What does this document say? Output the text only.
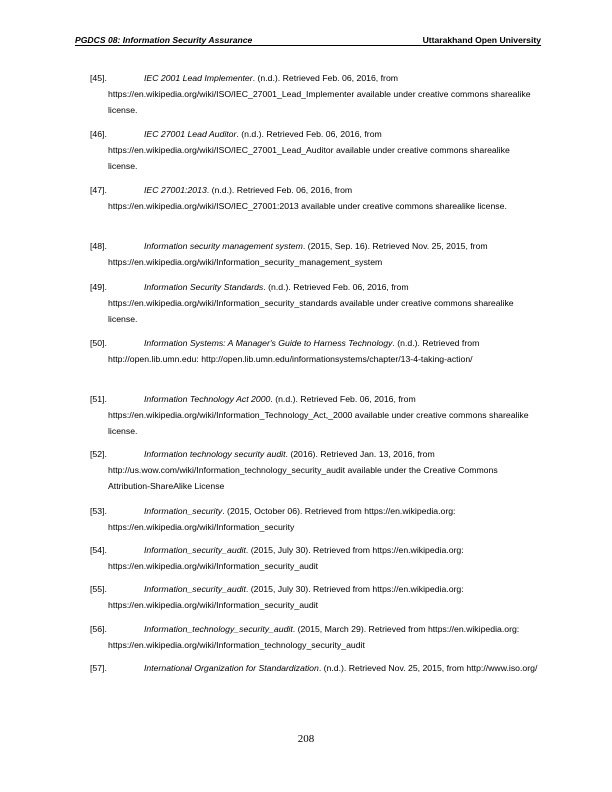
PGDCS 08: Information Security Assurance	Uttarakhand Open University
[45].	IEC 2001 Lead Implementer. (n.d.). Retrieved Feb. 06, 2016, from https://en.wikipedia.org/wiki/ISO/IEC_27001_Lead_Implementer available under creative commons sharealike license.
[46].	IEC 27001 Lead Auditor. (n.d.). Retrieved Feb. 06, 2016, from https://en.wikipedia.org/wiki/ISO/IEC_27001_Lead_Auditor available under creative commons sharealike license.
[47].	IEC 27001:2013. (n.d.). Retrieved Feb. 06, 2016, from https://en.wikipedia.org/wiki/ISO/IEC_27001:2013 available under creative commons sharealike license.
[48].	Information security management system. (2015, Sep. 16). Retrieved Nov. 25, 2015, from https://en.wikipedia.org/wiki/Information_security_management_system
[49].	Information Security Standards. (n.d.). Retrieved Feb. 06, 2016, from https://en.wikipedia.org/wiki/Information_security_standards available under creative commons sharealike license.
[50].	Information Systems: A Manager's Guide to Harness Technology. (n.d.). Retrieved from http://open.lib.umn.edu: http://open.lib.umn.edu/informationsystems/chapter/13-4-taking-action/
[51].	Information Technology Act 2000. (n.d.). Retrieved Feb. 06, 2016, from https://en.wikipedia.org/wiki/Information_Technology_Act,_2000 available under creative commons sharealike license.
[52].	Information technology security audit. (2016). Retrieved Jan. 13, 2016, from http://us.wow.com/wiki/Information_technology_security_audit available under the Creative Commons Attribution-ShareAlike License
[53].	Information_security. (2015, October 06). Retrieved from https://en.wikipedia.org: https://en.wikipedia.org/wiki/Information_security
[54].	Information_security_audit. (2015, July 30). Retrieved from https://en.wikipedia.org: https://en.wikipedia.org/wiki/Information_security_audit
[55].	Information_security_audit. (2015, July 30). Retrieved from https://en.wikipedia.org: https://en.wikipedia.org/wiki/Information_security_audit
[56].	Information_technology_security_audit. (2015, March 29). Retrieved from https://en.wikipedia.org: https://en.wikipedia.org/wiki/Information_technology_security_audit
[57].	International Organization for Standardization. (n.d.). Retrieved Nov. 25, 2015, from http://www.iso.org/
208
